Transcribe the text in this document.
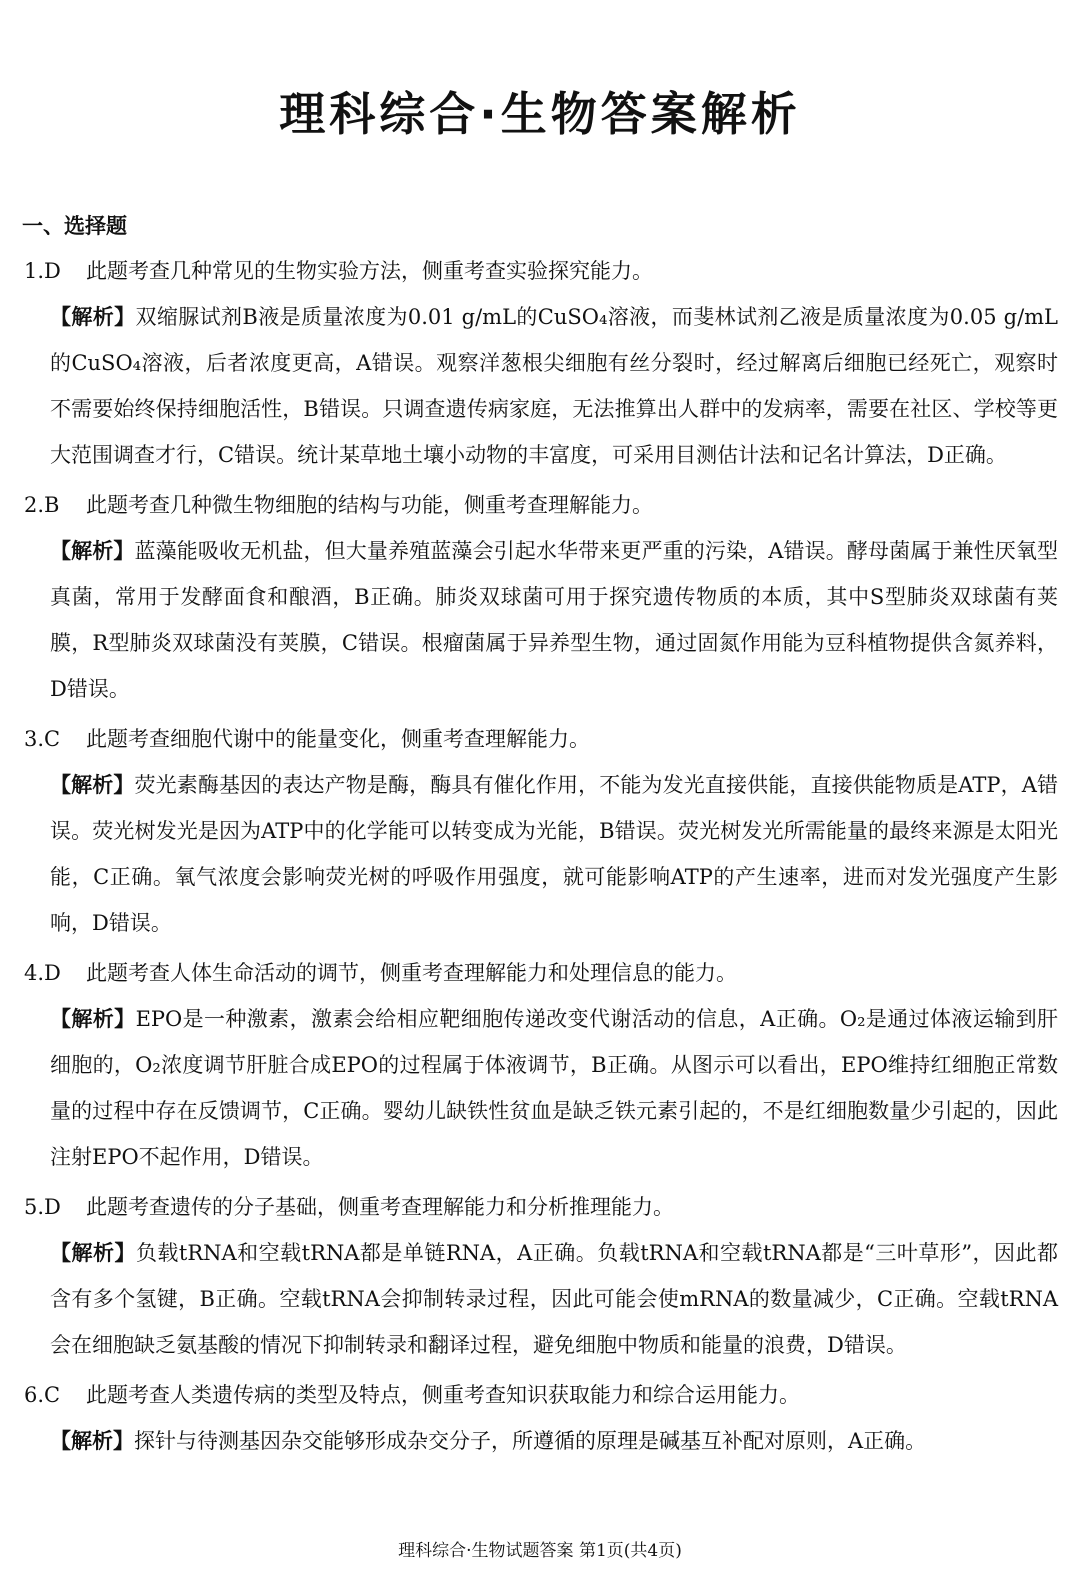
理科综合·生物答案解析
一、选择题

1.D 此题考查几种常见的生物实验方法，侧重考查实验探究能力。

【解析】双缩脲试剂B液是质量浓度为0.01 g/mL的CuSO₄溶液，而斐林试剂乙液是质量浓度为0.05 g/mL的CuSO₄溶液，后者浓度更高，A错误。观察洋葱根尖细胞有丝分裂时，经过解离后细胞已经死亡，观察时不需要始终保持细胞活性，B错误。只调查遗传病家庭，无法推算出人群中的发病率，需要在社区、学校等更大范围调查才行，C错误。统计某草地土壤小动物的丰富度，可采用目测估计法和记名计算法，D正确。

2.B 此题考查几种微生物细胞的结构与功能，侧重考查理解能力。

【解析】蓝藻能吸收无机盐，但大量养殖蓝藻会引起水华带来更严重的污染，A错误。酵母菌属于兼性厌氧型真菌，常用于发酵面食和酿酒，B正确。肺炎双球菌可用于探究遗传物质的本质，其中S型肺炎双球菌有荚膜，R型肺炎双球菌没有荚膜，C错误。根瘤菌属于异养型生物，通过固氮作用能为豆科植物提供含氮养料，D错误。

3.C 此题考查细胞代谢中的能量变化，侧重考查理解能力。

【解析】荧光素酶基因的表达产物是酶，酶具有催化作用，不能为发光直接供能，直接供能物质是ATP，A错误。荧光树发光是因为ATP中的化学能可以转变成为光能，B错误。荧光树发光所需能量的最终来源是太阳光能，C正确。氧气浓度会影响荧光树的呼吸作用强度，就可能影响ATP的产生速率，进而对发光强度产生影响，D错误。

4.D 此题考查人体生命活动的调节，侧重考查理解能力和处理信息的能力。

【解析】EPO是一种激素，激素会给相应靶细胞传递改变代谢活动的信息，A正确。O₂是通过体液运输到肝细胞的，O₂浓度调节肝脏合成EPO的过程属于体液调节，B正确。从图示可以看出，EPO维持红细胞正常数量的过程中存在反馈调节，C正确。婴幼儿缺铁性贫血是缺乏铁元素引起的，不是红细胞数量少引起的，因此注射EPO不起作用，D错误。

5.D 此题考查遗传的分子基础，侧重考查理解能力和分析推理能力。

【解析】负载tRNA和空载tRNA都是单链RNA，A正确。负载tRNA和空载tRNA都是“三叶草形”，因此都含有多个氢键，B正确。空载tRNA会抑制转录过程，因此可能会使mRNA的数量减少，C正确。空载tRNA会在细胞缺乏氨基酸的情况下抑制转录和翻译过程，避免细胞中物质和能量的浪费，D错误。

6.C 此题考查人类遗传病的类型及特点，侧重考查知识获取能力和综合运用能力。

【解析】探针与待测基因杂交能够形成杂交分子，所遵循的原理是碱基互补配对原则，A正确。

理科综合·生物试题答案 第1页(共4页)
